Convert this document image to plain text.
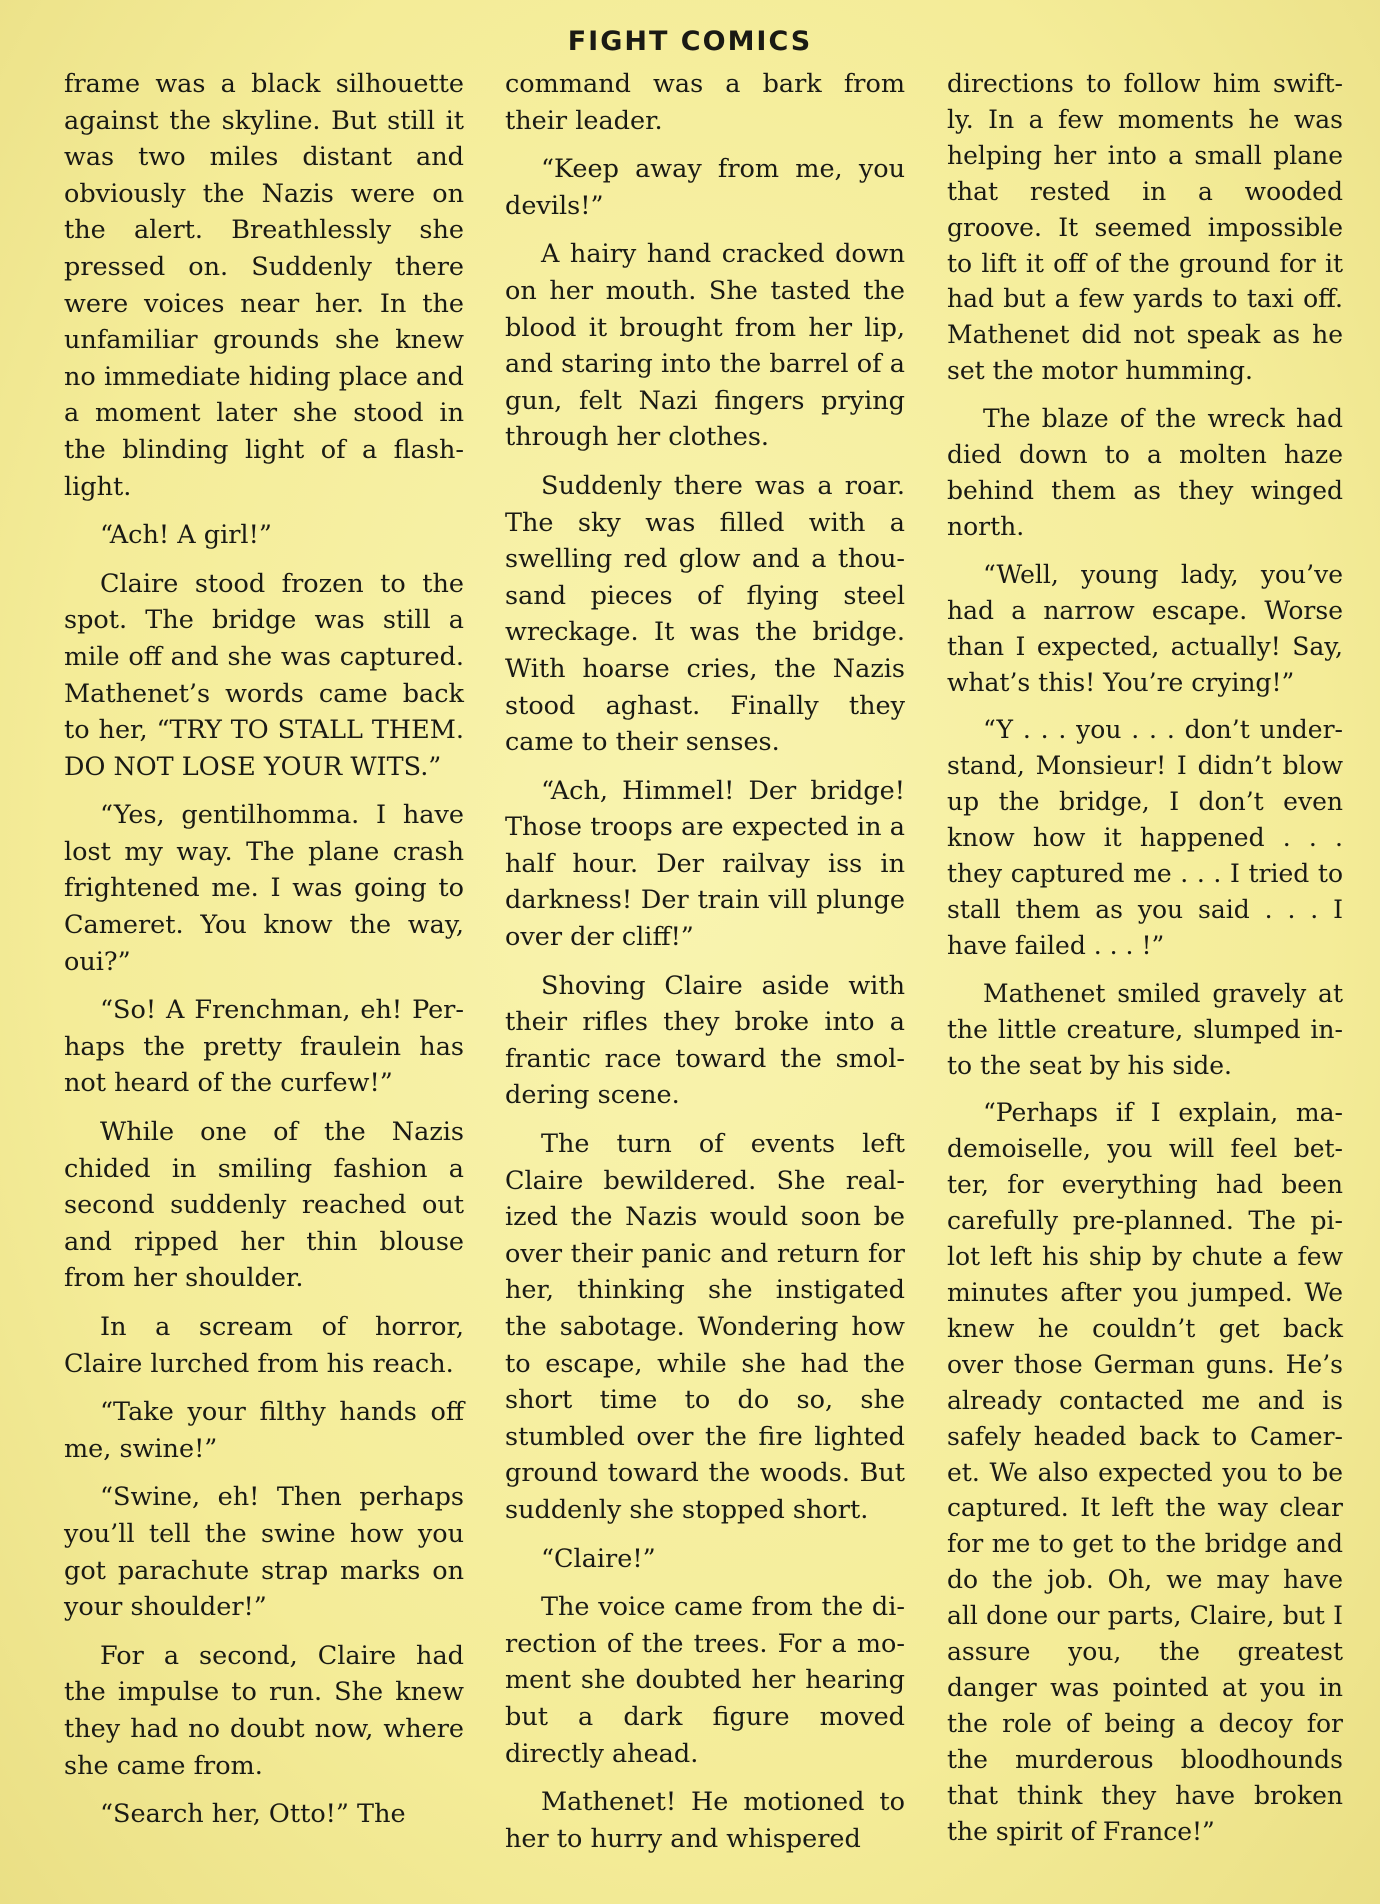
FIGHT COMICS

frame was a black silhouette against the skyline. But still it was two miles distant and obviously the Nazis were on the alert. Breathlessly she pressed on. Suddenly there were voices near her. In the unfamiliar grounds she knew no immediate hiding place and a moment later she stood in the blinding light of a flash light.

“Ach! A girl!”

Claire stood frozen to the spot. The bridge was still a mile off and she was captured. Mathenet’s words came back to her, “TRY TO STALL THEM. DO NOT LOSE YOUR WITS.”

“Yes, gentilhomma. I have lost my way. The plane crash frightened me. I was going to Cameret. You know the way, oui?”

“So! A Frenchman, eh! Perhaps the pretty fraulein has not heard of the curfew!”

While one of the Nazis chided in smiling fashion a second suddenly reached out and ripped her thin blouse from her shoulder.

In a scream of horror, Claire lurched from his reach.

“Take your filthy hands off me, swine!”

“Swine, eh! Then perhaps you’ll tell the swine how you got parachute strap marks on your shoulder!”

For a second, Claire had the impulse to run. She knew they had no doubt now, where she came from.

“Search her, Otto!” The

command was a bark from their leader.

“Keep away from me, you devils!”

A hairy hand cracked down on her mouth. She tasted the blood it brought from her lip, and staring into the barrel of a gun, felt Nazi fingers prying through her clothes.

Suddenly there was a roar. The sky was filled with a swelling red glow and a thousand pieces of flying steel wreckage. It was the bridge. With hoarse cries, the Nazis stood aghast. Finally they came to their senses.

“Ach, Himmel! Der bridge! Those troops are expected in a half hour. Der railvay iss in darkness! Der train vill plunge over der cliff!”

Shoving Claire aside with their rifles they broke into a frantic race toward the smoldering scene.

The turn of events left Claire bewildered. She realized the Nazis would soon be over their panic and return for her, thinking she instigated the sabotage. Wondering how to escape, while she had the short time to do so, she stumbled over the fire lighted ground toward the woods. But suddenly she stopped short.

“Claire!”

The voice came from the direction of the trees. For a moment she doubted her hearing but a dark figure moved directly ahead.

Mathenet! He motioned to her to hurry and whispered

directions to follow him swiftly. In a few moments he was helping her into a small plane that rested in a wooded groove. It seemed impossible to lift it off of the ground for it had but a few yards to taxi off. Mathenet did not speak as he set the motor humming.

The blaze of the wreck had died down to a molten haze behind them as they winged north.

“Well, young lady, you’ve had a narrow escape. Worse than I expected, actually! Say, what’s this! You’re crying!”

“Y . . . you . . . don’t understand, Monsieur! I didn’t blow up the bridge, I don’t even know how it happened . . . they captured me . . . I tried to stall them as you said . . . I have failed . . . !”

Mathenet smiled gravely at the little creature, slumped into the seat by his side.

“Perhaps if I explain, mademoiselle, you will feel better, for everything had been carefully pre-planned. The pilot left his ship by chute a few minutes after you jumped. We knew he couldn’t get back over those German guns. He’s already contacted me and is safely headed back to Cameret. We also expected you to be captured. It left the way clear for me to get to the bridge and do the job. Oh, we may have all done our parts, Claire, but I assure you, the greatest danger was pointed at you in the role of being a decoy for the murderous bloodhounds that think they have broken the spirit of France!”
